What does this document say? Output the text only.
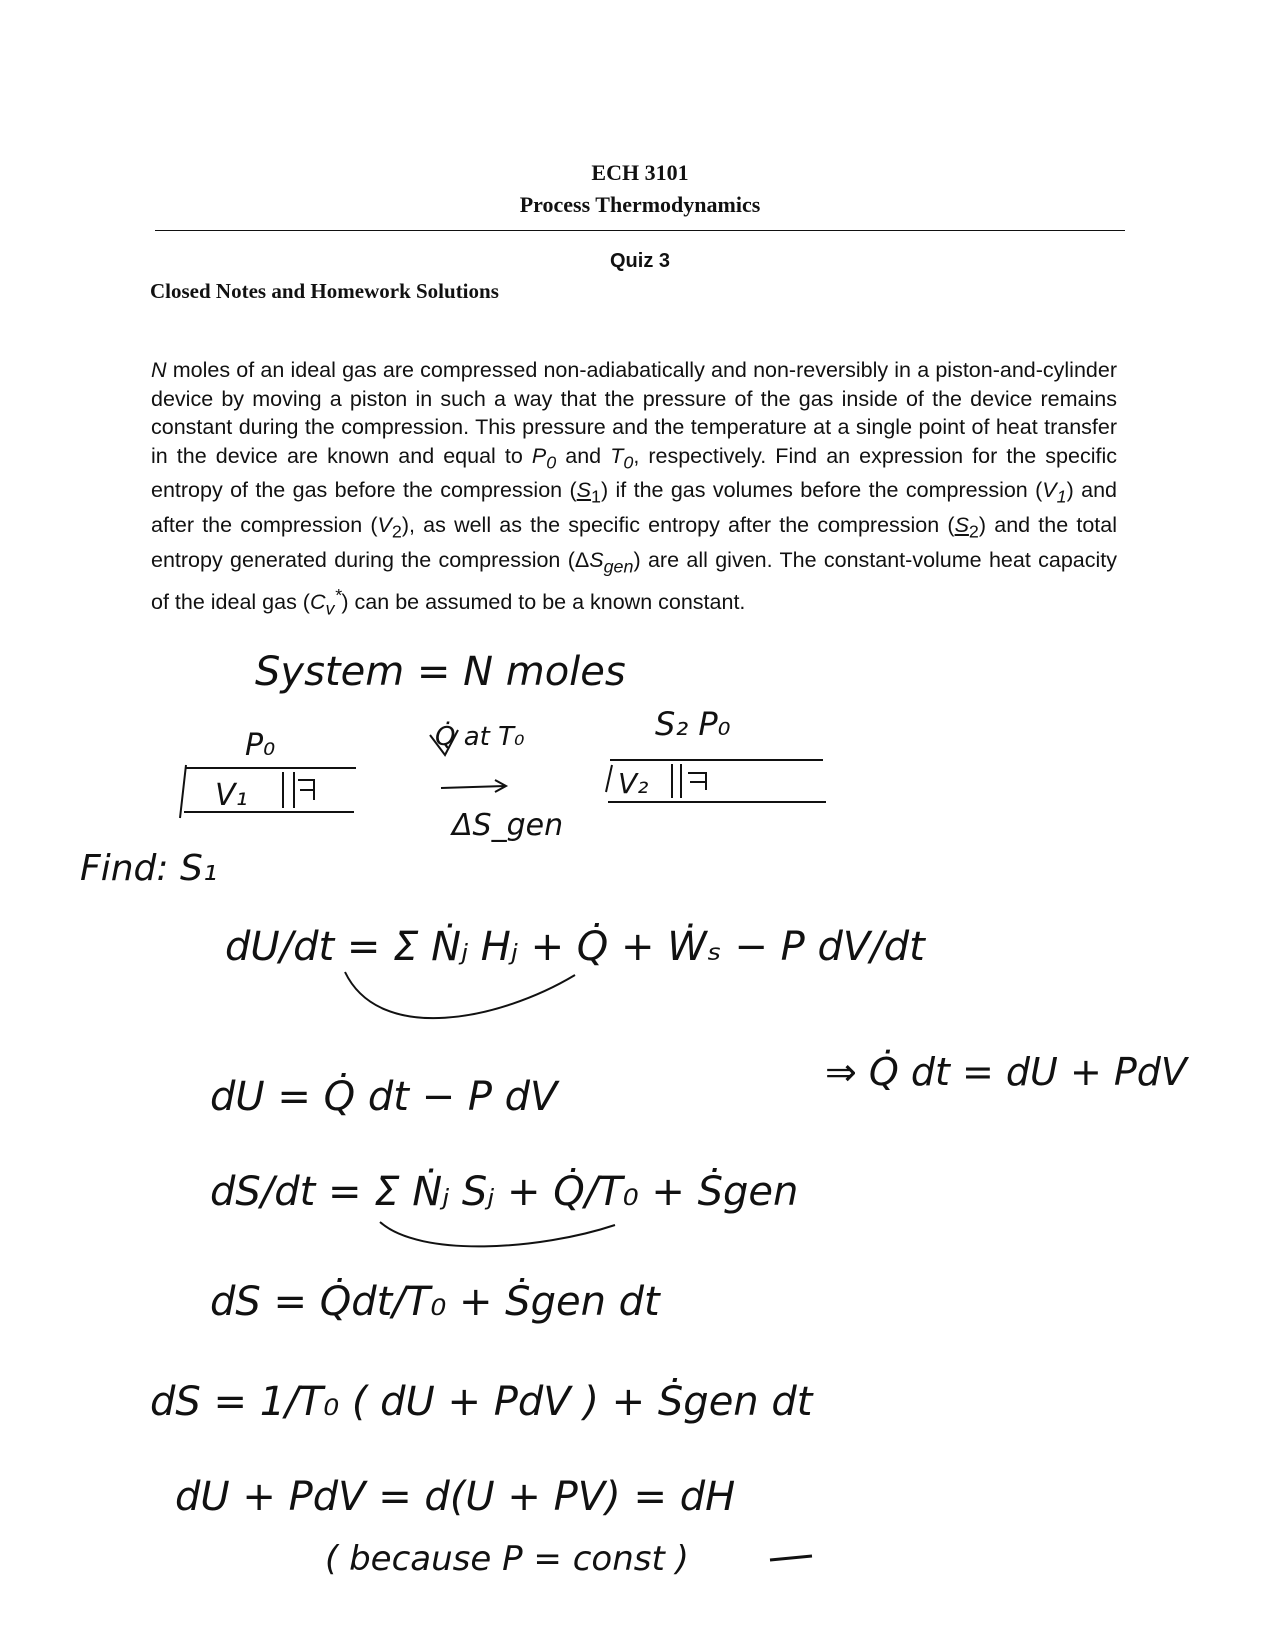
ECH 3101
Process Thermodynamics
Quiz 3
Closed Notes and Homework Solutions
N moles of an ideal gas are compressed non-adiabatically and non-reversibly in a piston-and-cylinder device by moving a piston in such a way that the pressure of the gas inside of the device remains constant during the compression. This pressure and the temperature at a single point of heat transfer in the device are known and equal to $P_0$ and $T_0$, respectively. Find an expression for the specific entropy of the gas before the compression $(S_1)$ if the gas volumes before the compression $(V_1)$ and after the compression $(V_2)$, as well as the specific entropy after the compression $(S_2)$ and the total entropy generated during the compression $(\Delta S_{gen})$ are all given. The constant-volume heat capacity of the ideal gas $(C_v^*)$ can be assumed to be a known constant.
System = N moles
P₀	Q̇ at T₀	S₂ P₀
V₁
ΔS_gen
V₂
Find: S₁
dU/dt = Σ Ṅⱼ Hⱼ + Q̇ + Ẇₛ − P dV/dt
dU = Q̇ dt − P dV
⇒ Q̇ dt = dU + PdV
dS/dt = Σ Ṅⱼ Sⱼ + Q̇/T₀ + Ṡgen
dS = Q̇dt/T₀ + Ṡgen dt
dS = 1/T₀ ( dU + PdV ) + Ṡgen dt
dU + PdV = d(U + PV) = dH
( because P = const )
